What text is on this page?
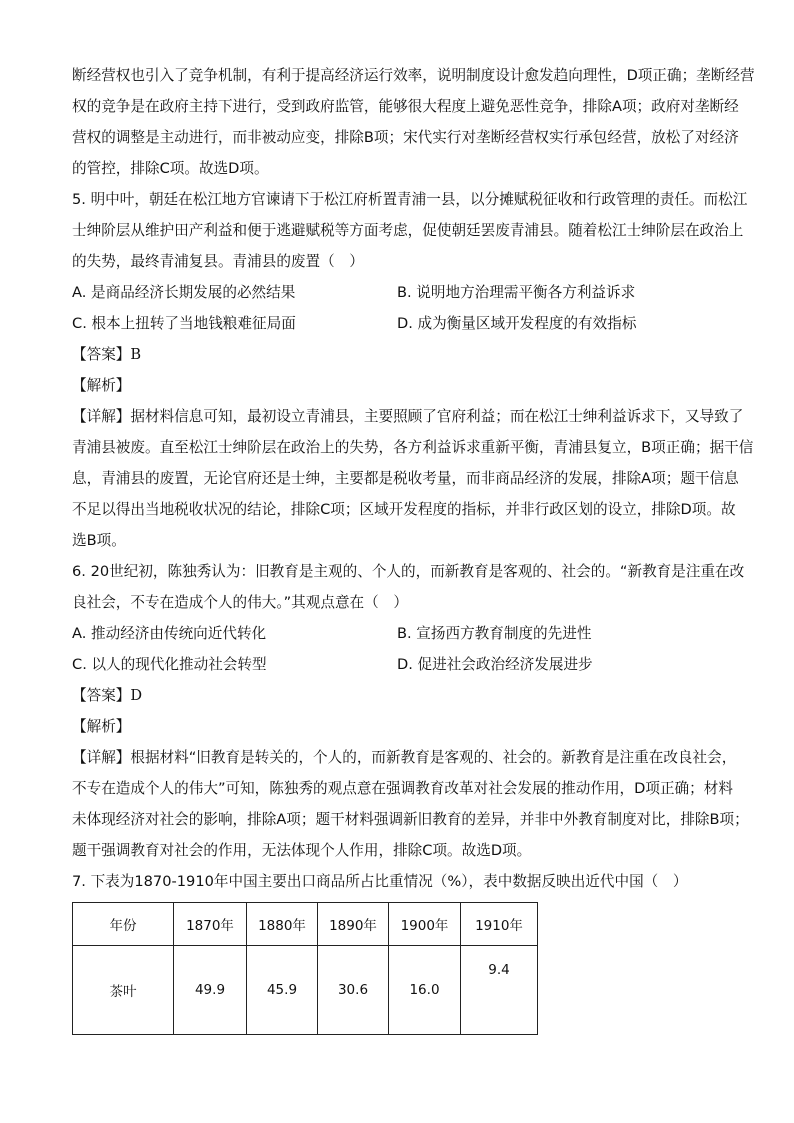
断经营权也引入了竞争机制，有利于提高经济运行效率，说明制度设计愈发趋向理性，D项正确；垄断经营
权的竞争是在政府主持下进行，受到政府监管，能够很大程度上避免恶性竞争，排除A项；政府对垄断经
营权的调整是主动进行，而非被动应变，排除B项；宋代实行对垄断经营权实行承包经营，放松了对经济
的管控，排除C项。故选D项。
5. 明中叶，朝廷在松江地方官谏请下于松江府析置青浦一县，以分摊赋税征收和行政管理的责任。而松江
士绅阶层从维护田产利益和便于逃避赋税等方面考虑，促使朝廷罢废青浦县。随着松江士绅阶层在政治上
的失势，最终青浦复县。青浦县的废置（　）
A. 是商品经济长期发展的必然结果	B. 说明地方治理需平衡各方利益诉求
C. 根本上扭转了当地钱粮难征局面	D. 成为衡量区域开发程度的有效指标
【答案】B
【解析】
【详解】据材料信息可知，最初设立青浦县，主要照顾了官府利益；而在松江士绅利益诉求下，又导致了
青浦县被废。直至松江士绅阶层在政治上的失势，各方利益诉求重新平衡，青浦县复立，B项正确；据干信
息，青浦县的废置，无论官府还是士绅，主要都是税收考量，而非商品经济的发展，排除A项；题干信息
不足以得出当地税收状况的结论，排除C项；区域开发程度的指标，并非行政区划的设立，排除D项。故
选B项。
6. 20世纪初，陈独秀认为：旧教育是主观的、个人的，而新教育是客观的、社会的。“新教育是注重在改
良社会，不专在造成个人的伟大。”其观点意在（　）
A. 推动经济由传统向近代转化	B. 宣扬西方教育制度的先进性
C. 以人的现代化推动社会转型	D. 促进社会政治经济发展进步
【答案】D
【解析】
【详解】根据材料“旧教育是转关的，个人的，而新教育是客观的、社会的。新教育是注重在改良社会，
不专在造成个人的伟大”可知，陈独秀的观点意在强调教育改革对社会发展的推动作用，D项正确；材料
未体现经济对社会的影响，排除A项；题干材料强调新旧教育的差异，并非中外教育制度对比，排除B项；
题干强调教育对社会的作用，无法体现个人作用，排除C项。故选D项。
7. 下表为1870-1910年中国主要出口商品所占比重情况（%），表中数据反映出近代中国（　）
年份	1870年	1880年	1890年	1900年	1910年
茶叶	49.9	45.9	30.6	16.0	9.4
